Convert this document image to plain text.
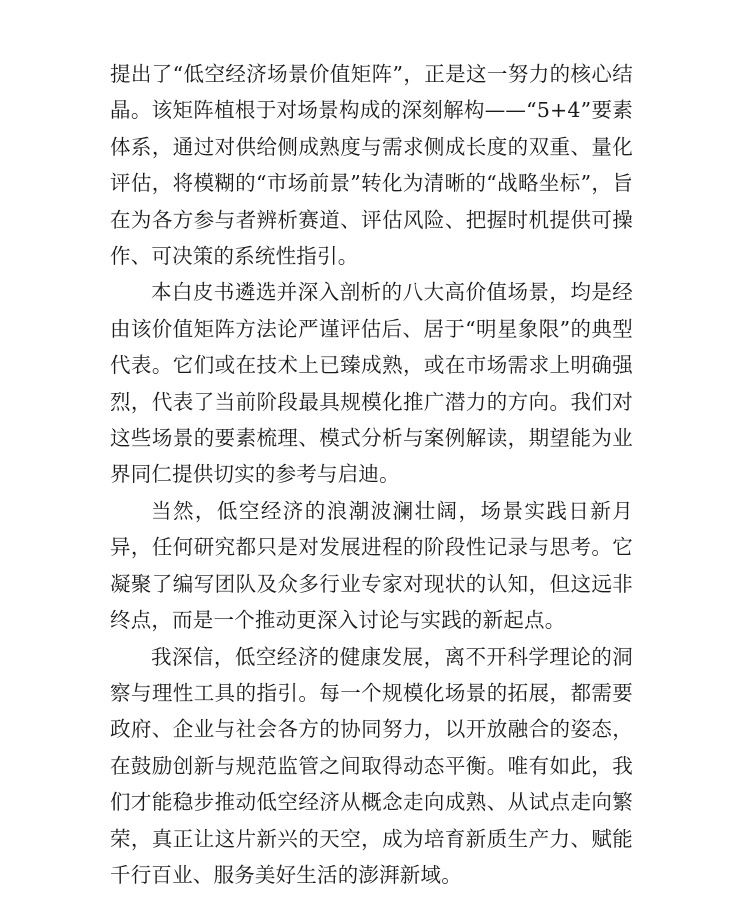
提出了“低空经济场景价值矩阵”，正是这一努力的核心结晶。该矩阵植根于对场景构成的深刻解构——“5+4”要素体系，通过对供给侧成熟度与需求侧成长度的双重、量化评估，将模糊的“市场前景”转化为清晰的“战略坐标”，旨在为各方参与者辨析赛道、评估风险、把握时机提供可操作、可决策的系统性指引。

本白皮书遴选并深入剖析的八大高价值场景，均是经由该价值矩阵方法论严谨评估后、居于“明星象限”的典型代表。它们或在技术上已臻成熟，或在市场需求上明确强烈，代表了当前阶段最具规模化推广潜力的方向。我们对这些场景的要素梳理、模式分析与案例解读，期望能为业界同仁提供切实的参考与启迪。

当然，低空经济的浪潮波澜壮阔，场景实践日新月异，任何研究都只是对发展进程的阶段性记录与思考。它凝聚了编写团队及众多行业专家对现状的认知，但这远非终点，而是一个推动更深入讨论与实践的新起点。

我深信，低空经济的健康发展，离不开科学理论的洞察与理性工具的指引。每一个规模化场景的拓展，都需要政府、企业与社会各方的协同努力，以开放融合的姿态，在鼓励创新与规范监管之间取得动态平衡。唯有如此，我们才能稳步推动低空经济从概念走向成熟、从试点走向繁荣，真正让这片新兴的天空，成为培育新质生产力、赋能千行百业、服务美好生活的澎湃新域。
